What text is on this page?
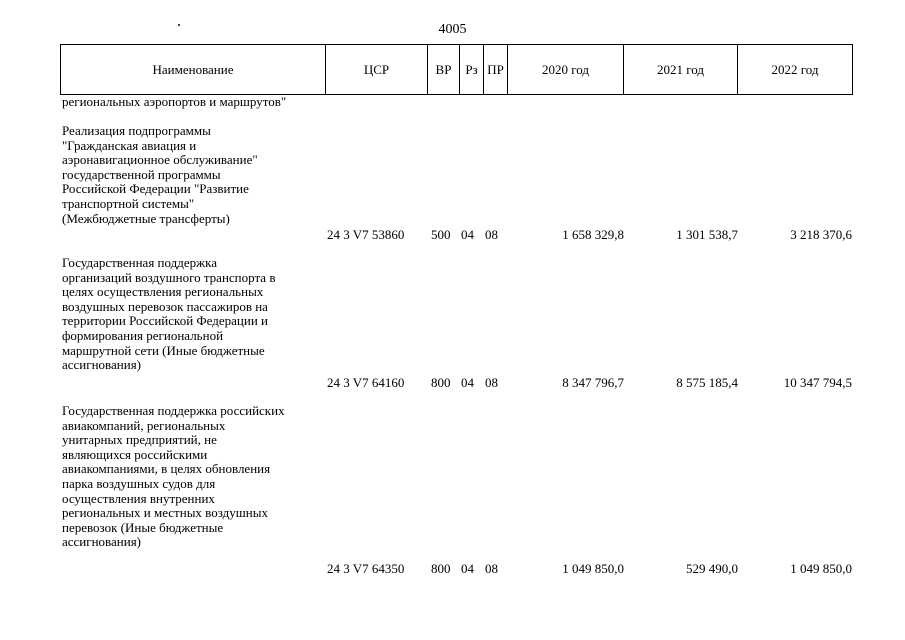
4005
Наименование	ЦСР	ВР	Рз	ПР	2020 год	2021 год	2022 год
региональных аэропортов и маршрутов"
Реализация подпрограммы
"Гражданская авиация и
аэронавигационное обслуживание"
государственной программы
Российской Федерации "Развитие
транспортной системы"
(Межбюджетные трансферты)
24 3 V7 53860 500 04 08	1 658 329,8	1 301 538,7	3 218 370,6
Государственная поддержка
организаций воздушного транспорта в
целях осуществления региональных
воздушных перевозок пассажиров на
территории Российской Федерации и
формирования региональной
маршрутной сети (Иные бюджетные
ассигнования)
24 3 V7 64160 800 04 08	8 347 796,7	8 575 185,4	10 347 794,5
Государственная поддержка российских
авиакомпаний, региональных
унитарных предприятий, не
являющихся российскими
авиакомпаниями, в целях обновления
парка воздушных судов для
осуществления внутренних
региональных и местных воздушных
перевозок (Иные бюджетные
ассигнования)
24 3 V7 64350 800 04 08	1 049 850,0	529 490,0	1 049 850,0
